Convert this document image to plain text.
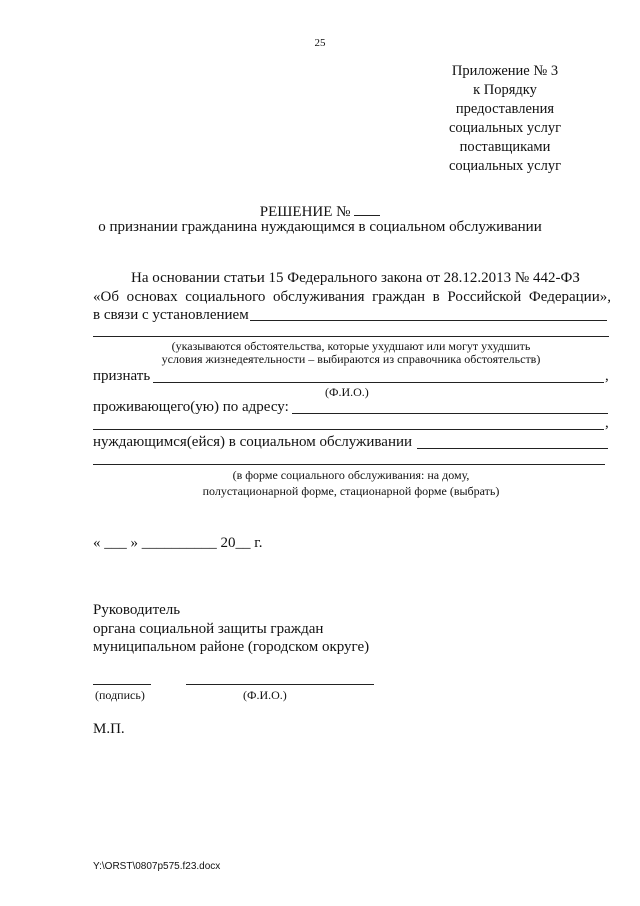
25
Приложение № 3
к Порядку
предоставления
социальных услуг
поставщиками
социальных услуг
РЕШЕНИЕ №
о признании гражданина нуждающимся в социальном обслуживании
На основании статьи 15 Федерального закона от 28.12.2013 № 442-ФЗ
«Об основах социального обслуживания граждан в Российской Федерации»,
в связи с установлением
(указываются обстоятельства, которые ухудшают или могут ухудшить
условия жизнедеятельности – выбираются из справочника обстоятельств)
признать	,
(Ф.И.О.)
проживающего(ую) по адресу:
,
нуждающимся(ейся) в социальном обслуживании
(в форме социального обслуживания: на дому,
полустационарной форме, стационарной форме (выбрать)
« ___ » __________ 20__ г.
Руководитель
органа социальной защиты граждан
муниципальном районе (городском округе)
(подпись)	(Ф.И.О.)
М.П.
Y:\ORST\0807p575.f23.docx
